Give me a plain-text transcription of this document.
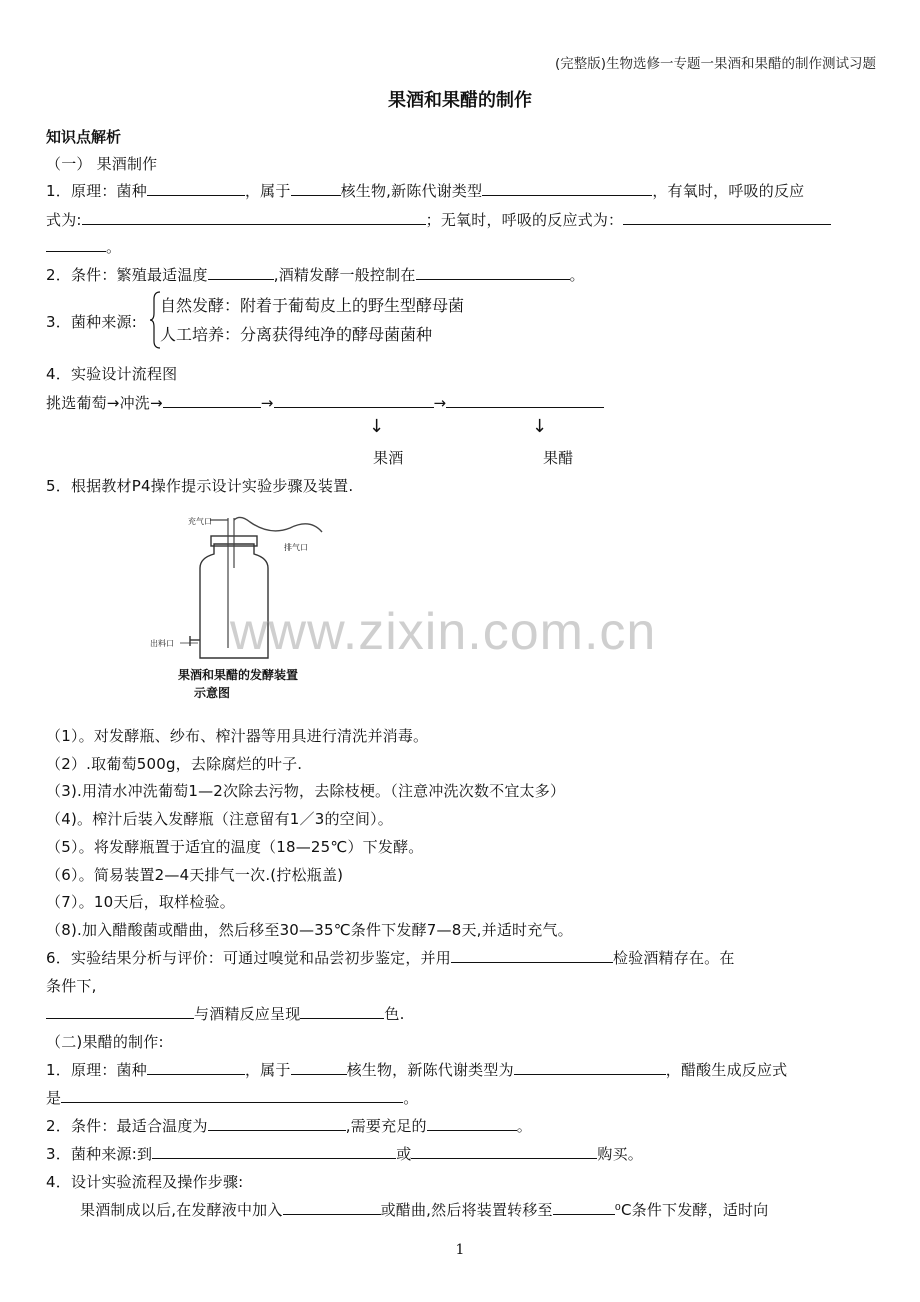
(完整版)生物选修一专题一果酒和果醋的制作测试习题
果酒和果醋的制作
知识点解析
（一） 果酒制作
1．原理：菌种	，属于	核生物,新陈代谢类型	，有氧时，呼吸的反应
式为:	；无氧时，呼吸的反应式为：
。
2．条件：繁殖最适温度	,酒精发酵一般控制在	。
3．菌种来源:
自然发酵：附着于葡萄皮上的野生型酵母菌
人工培养：分离获得纯净的酵母菌菌种
4．实验设计流程图
挑选葡萄→冲洗→	→	→
↓	↓
果酒	果醋
5．根据教材P4操作提示设计实验步骤及装置.
充气口
排气口
出料口
果酒和果醋的发酵装置
示意图
www.zixin.com.cn
（1）。对发酵瓶、纱布、榨汁器等用具进行清洗并消毒。
（2）.取葡萄500g，去除腐烂的叶子.
（3).用清水冲洗葡萄1—2次除去污物，去除枝梗。（注意冲洗次数不宜太多）
（4)。榨汁后装入发酵瓶（注意留有1／3的空间）。
（5）。将发酵瓶置于适宜的温度（18—25℃）下发酵。
（6）。简易装置2—4天排气一次.(拧松瓶盖)
（7）。10天后，取样检验。
（8).加入醋酸菌或醋曲，然后移至30—35℃条件下发酵7—8天,并适时充气。
6．实验结果分析与评价：可通过嗅觉和品尝初步鉴定，并用	检验酒精存在。在
条件下,
与酒精反应呈现	色.
（二)果醋的制作:
1．原理：菌种	，属于	核生物，新陈代谢类型为	，醋酸生成反应式
是	。
2．条件：最适合温度为	,需要充足的	。
3．菌种来源:到	或	购买。
4．设计实验流程及操作步骤:
果酒制成以后,在发酵液中加入	或醋曲,然后将装置转移至	⁰C条件下发酵，适时向
1
